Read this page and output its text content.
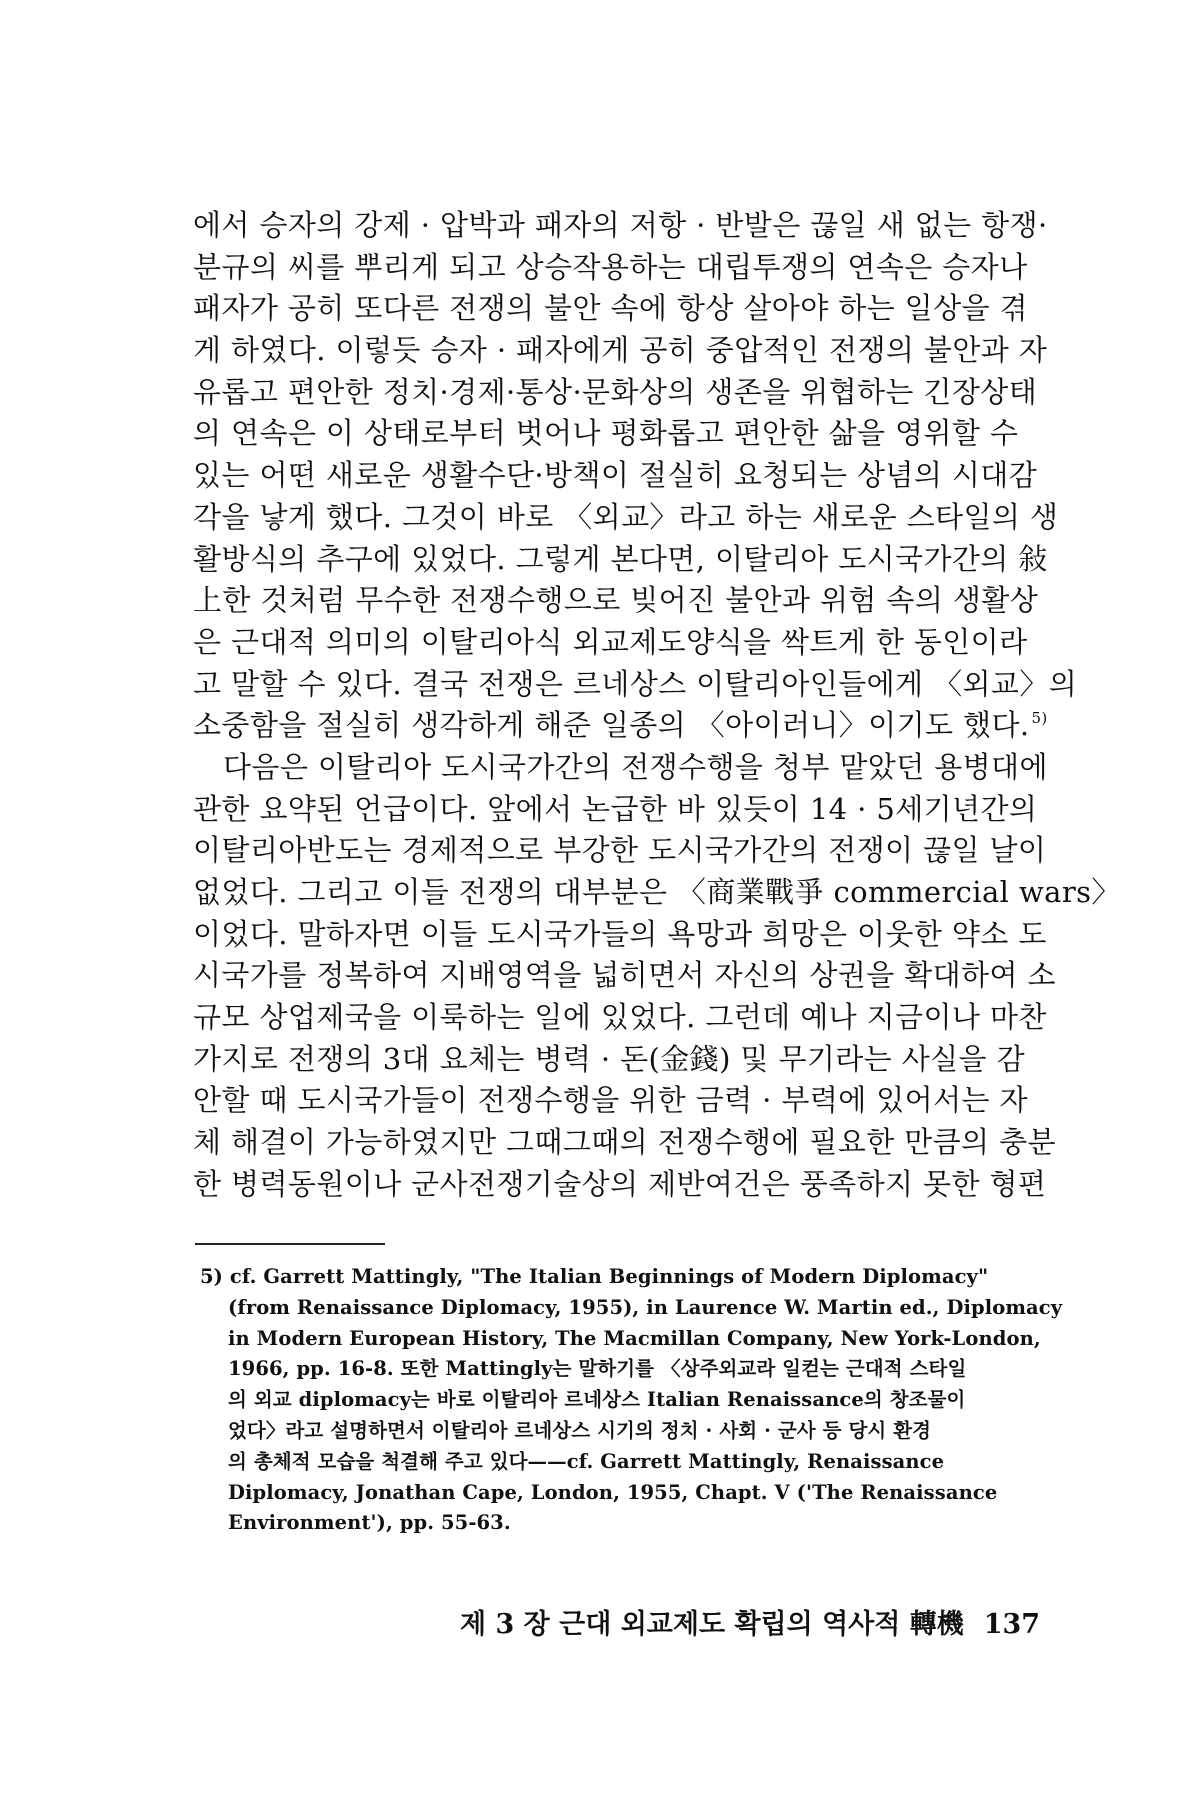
에서 승자의 강제 · 압박과 패자의 저항 · 반발은 끊일 새 없는 항쟁·
분규의 씨를 뿌리게 되고 상승작용하는 대립투쟁의 연속은 승자나
패자가 공히 또다른 전쟁의 불안 속에 항상 살아야 하는 일상을 겪
게 하였다. 이렇듯 승자 · 패자에게 공히 중압적인 전쟁의 불안과 자
유롭고 편안한 정치·경제·통상·문화상의 생존을 위협하는 긴장상태
의 연속은 이 상태로부터 벗어나 평화롭고 편안한 삶을 영위할 수
있는 어떤 새로운 생활수단·방책이 절실히 요청되는 상념의 시대감
각을 낳게 했다. 그것이 바로 〈외교〉라고 하는 새로운 스타일의 생
활방식의 추구에 있었다. 그렇게 본다면, 이탈리아 도시국가간의 敍
上한 것처럼 무수한 전쟁수행으로 빚어진 불안과 위험 속의 생활상
은 근대적 의미의 이탈리아식 외교제도양식을 싹트게 한 동인이라
고 말할 수 있다. 결국 전쟁은 르네상스 이탈리아인들에게 〈외교〉의
소중함을 절실히 생각하게 해준 일종의 〈아이러니〉이기도 했다. $^{5)}$
다음은 이탈리아 도시국가간의 전쟁수행을 청부 맡았던 용병대에
관한 요약된 언급이다. 앞에서 논급한 바 있듯이 14 · 5세기년간의
이탈리아반도는 경제적으로 부강한 도시국가간의 전쟁이 끊일 날이
없었다. 그리고 이들 전쟁의 대부분은 〈商業戰爭 commercial wars〉
이었다. 말하자면 이들 도시국가들의 욕망과 희망은 이웃한 약소 도
시국가를 정복하여 지배영역을 넓히면서 자신의 상권을 확대하여 소
규모 상업제국을 이룩하는 일에 있었다. 그런데 예나 지금이나 마찬
가지로 전쟁의 3대 요체는 병력 · 돈(金錢) 및 무기라는 사실을 감
안할 때 도시국가들이 전쟁수행을 위한 금력 · 부력에 있어서는 자
체 해결이 가능하였지만 그때그때의 전쟁수행에 필요한 만큼의 충분
한 병력동원이나 군사전쟁기술상의 제반여건은 풍족하지 못한 형편
5) cf. Garrett Mattingly, "The Italian Beginnings of Modern Diplomacy"
(from Renaissance Diplomacy, 1955), in Laurence W. Martin ed., Diplomacy
in Modern European History, The Macmillan Company, New York-London,
1966, pp. 16-8. 또한 Mattingly는 말하기를 〈상주외교라 일컫는 근대적 스타일
의 외교 diplomacy는 바로 이탈리아 르네상스 Italian Renaissance의 창조물이
었다〉라고 설명하면서 이탈리아 르네상스 시기의 정치 · 사회 · 군사 등 당시 환경
의 총체적 모습을 척결해 주고 있다——cf. Garrett Mattingly, Renaissance
Diplomacy, Jonathan Cape, London, 1955, Chapt. V ('The Renaissance
Environment'), pp. 55-63.
제 3 장 근대 외교제도 확립의 역사적 轉機 137
